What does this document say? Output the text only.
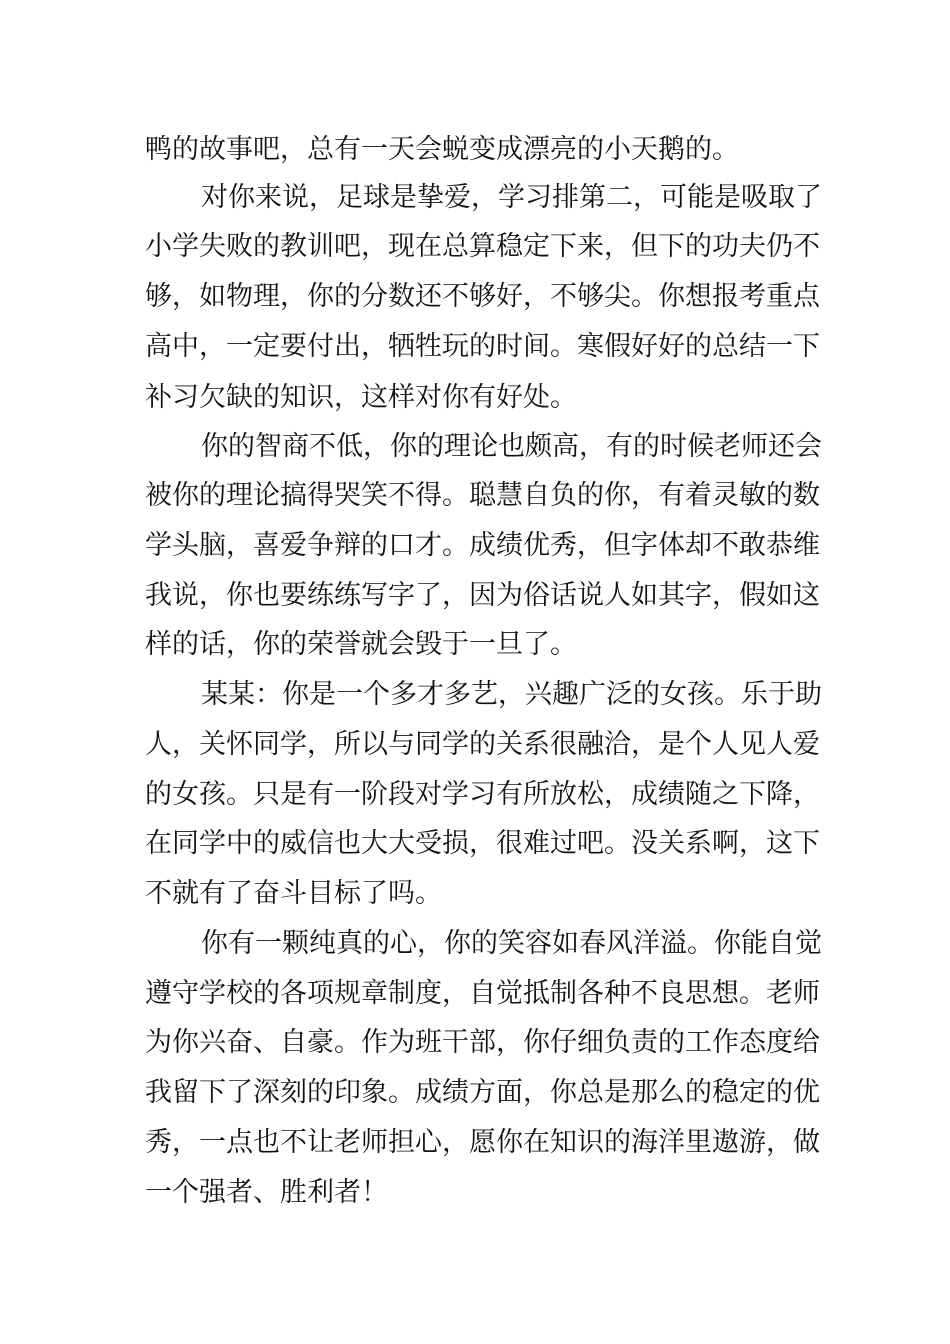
鸭的故事吧，总有一天会蜕变成漂亮的小天鹅的。
对你来说，足球是挚爱，学习排第二，可能是吸取了
小学失败的教训吧，现在总算稳定下来，但下的功夫仍不
够，如物理，你的分数还不够好，不够尖。你想报考重点
高中，一定要付出，牺牲玩的时间。寒假好好的总结一下
补习欠缺的知识，这样对你有好处。
你的智商不低，你的理论也颇高，有的时候老师还会
被你的理论搞得哭笑不得。聪慧自负的你，有着灵敏的数
学头脑，喜爱争辩的口才。成绩优秀，但字体却不敢恭维
我说，你也要练练写字了，因为俗话说人如其字，假如这
样的话，你的荣誉就会毁于一旦了。
某某：你是一个多才多艺，兴趣广泛的女孩。乐于助
人，关怀同学，所以与同学的关系很融洽，是个人见人爱
的女孩。只是有一阶段对学习有所放松，成绩随之下降，
在同学中的威信也大大受损，很难过吧。没关系啊，这下
不就有了奋斗目标了吗。
你有一颗纯真的心，你的笑容如春风洋溢。你能自觉
遵守学校的各项规章制度，自觉抵制各种不良思想。老师
为你兴奋、自豪。作为班干部，你仔细负责的工作态度给
我留下了深刻的印象。成绩方面，你总是那么的稳定的优
秀，一点也不让老师担心，愿你在知识的海洋里遨游，做
一个强者、胜利者！
